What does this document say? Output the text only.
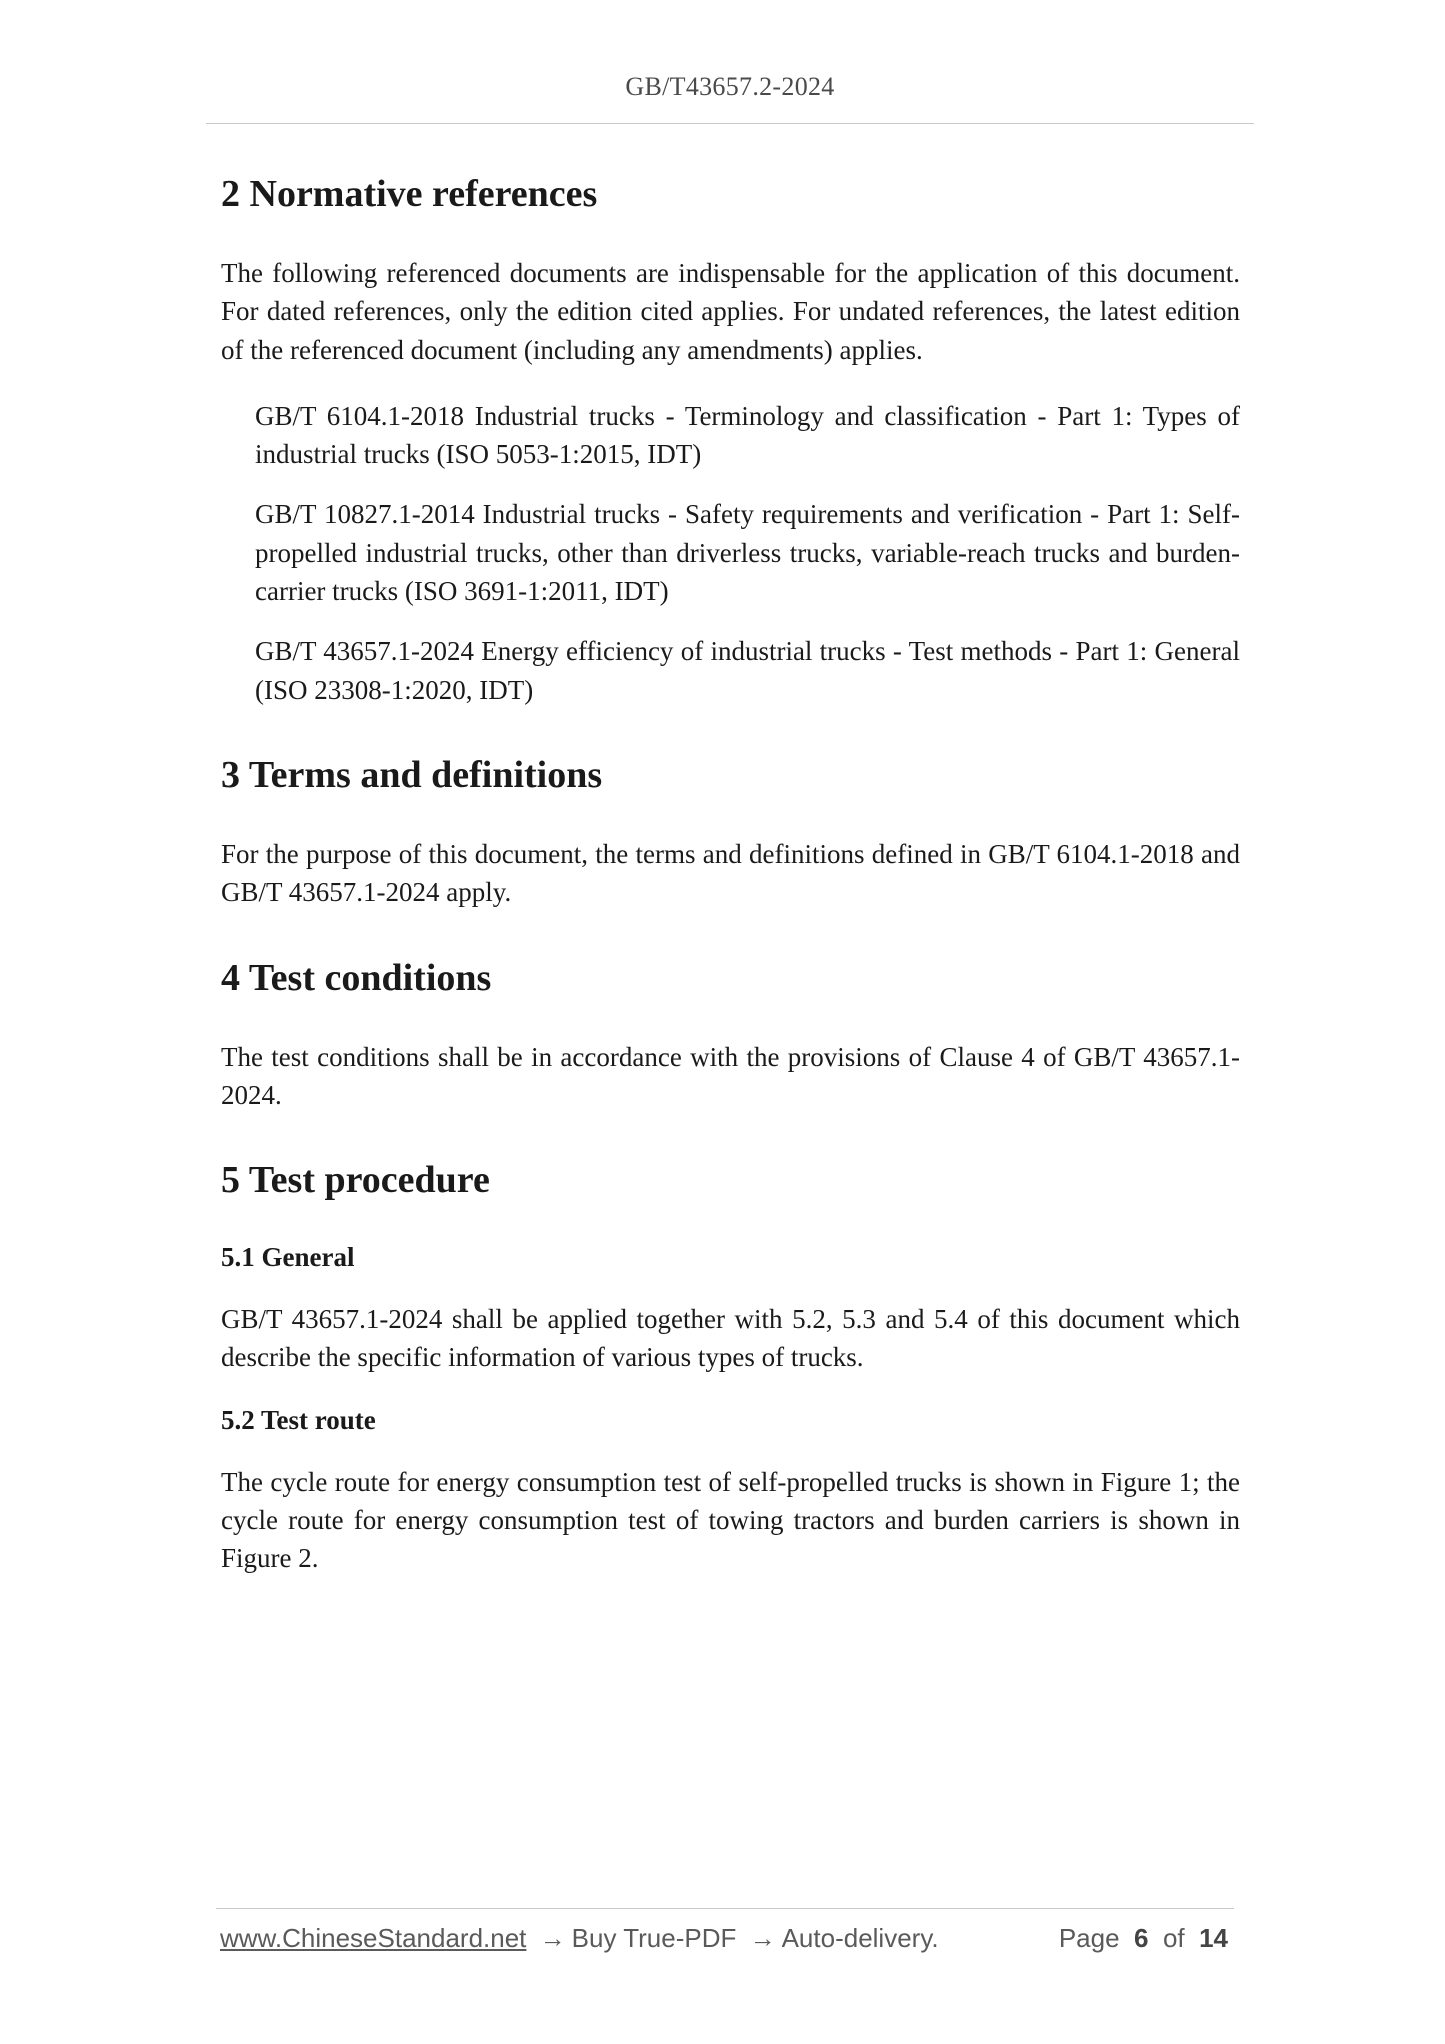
GB/T43657.2-2024
2 Normative references

The following referenced documents are indispensable for the application of this document. For dated references, only the edition cited applies. For undated references, the latest edition of the referenced document (including any amendments) applies.

GB/T 6104.1-2018 Industrial trucks - Terminology and classification - Part 1: Types of industrial trucks (ISO 5053-1:2015, IDT)

GB/T 10827.1-2014 Industrial trucks - Safety requirements and verification - Part 1: Self-propelled industrial trucks, other than driverless trucks, variable-reach trucks and burden-carrier trucks (ISO 3691-1:2011, IDT)

GB/T 43657.1-2024 Energy efficiency of industrial trucks - Test methods - Part 1: General (ISO 23308-1:2020, IDT)

3 Terms and definitions

For the purpose of this document, the terms and definitions defined in GB/T 6104.1-2018 and GB/T 43657.1-2024 apply.

4 Test conditions

The test conditions shall be in accordance with the provisions of Clause 4 of GB/T 43657.1-2024.

5 Test procedure
5.1 General

GB/T 43657.1-2024 shall be applied together with 5.2, 5.3 and 5.4 of this document which describe the specific information of various types of trucks.

5.2 Test route

The cycle route for energy consumption test of self-propelled trucks is shown in Figure 1; the cycle route for energy consumption test of towing tractors and burden carriers is shown in Figure 2.

www.ChineseStandard.net → Buy True-PDF → Auto-delivery.	Page 6 of 14
